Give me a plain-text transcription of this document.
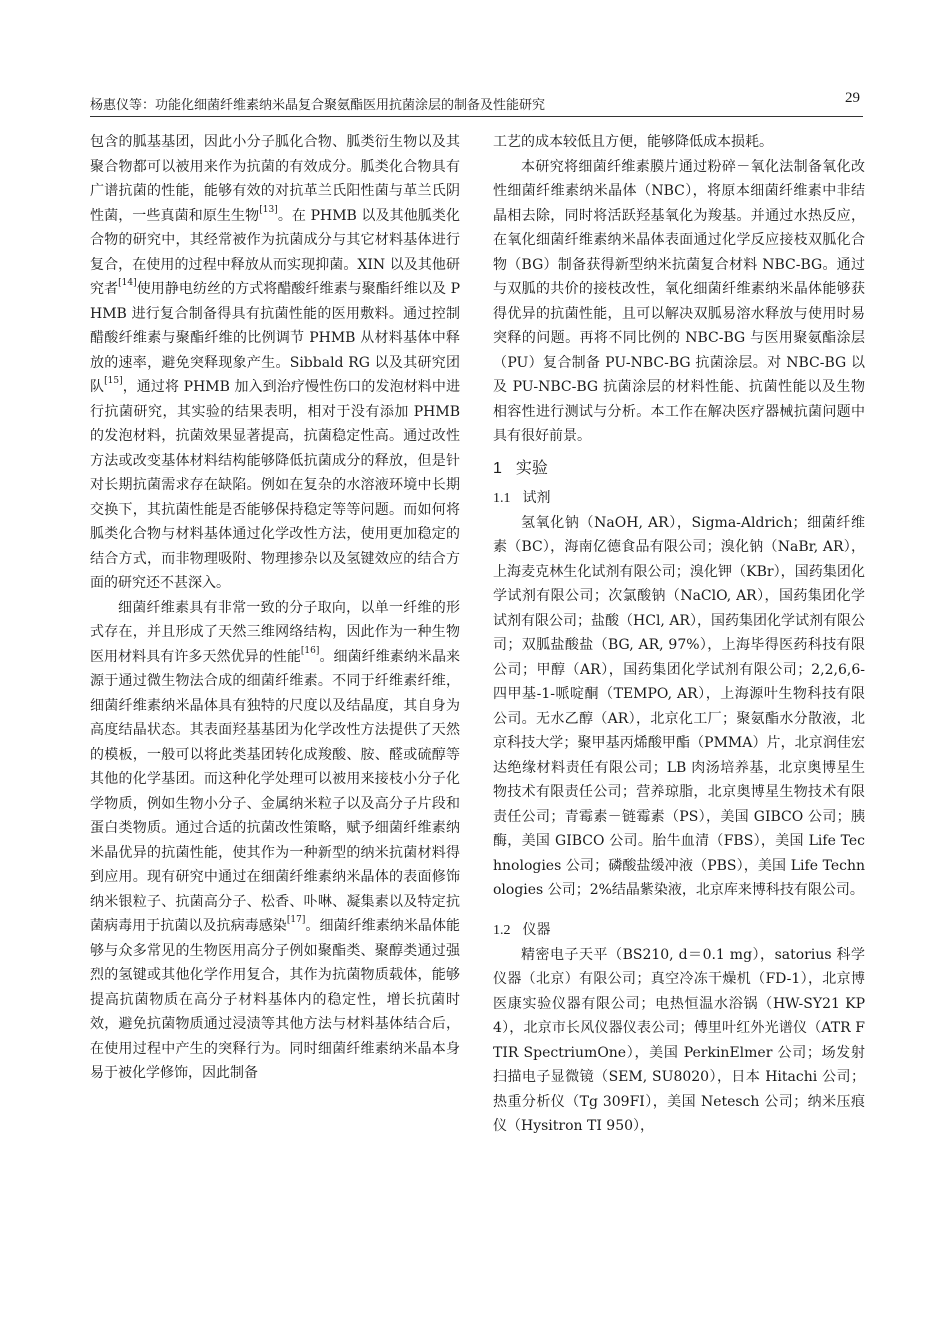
杨惠仪等：功能化细菌纤维素纳米晶复合聚氨酯医用抗菌涂层的制备及性能研究	29

包含的胍基基团，因此小分子胍化合物、胍类衍生物以及其聚合物都可以被用来作为抗菌的有效成分。胍类化合物具有广谱抗菌的性能，能够有效的对抗革兰氏阳性菌与革兰氏阴性菌，一些真菌和原生生物[13]。在 PHMB 以及其他胍类化合物的研究中，其经常被作为抗菌成分与其它材料基体进行复合，在使用的过程中释放从而实现抑菌。XIN 以及其他研究者[14]使用静电纺丝的方式将醋酸纤维素与聚酯纤维以及 PHMB 进行复合制备得具有抗菌性能的医用敷料。通过控制醋酸纤维素与聚酯纤维的比例调节 PHMB 从材料基体中释放的速率，避免突释现象产生。Sibbald RG 以及其研究团队[15]，通过将 PHMB 加入到治疗慢性伤口的发泡材料中进行抗菌研究，其实验的结果表明，相对于没有添加 PHMB 的发泡材料，抗菌效果显著提高，抗菌稳定性高。通过改性方法或改变基体材料结构能够降低抗菌成分的释放，但是针对长期抗菌需求存在缺陷。例如在复杂的水溶液环境中长期交换下，其抗菌性能是否能够保持稳定等等问题。而如何将胍类化合物与材料基体通过化学改性方法，使用更加稳定的结合方式，而非物理吸附、物理掺杂以及氢键效应的结合方面的研究还不甚深入。

细菌纤维素具有非常一致的分子取向，以单一纤维的形式存在，并且形成了天然三维网络结构，因此作为一种生物医用材料具有许多天然优异的性能[16]。细菌纤维素纳米晶来源于通过微生物法合成的细菌纤维素。不同于纤维素纤维，细菌纤维素纳米晶体具有独特的尺度以及结晶度，其自身为高度结晶状态。其表面羟基基团为化学改性方法提供了天然的模板，一般可以将此类基团转化成羧酸、胺、醛或硫醇等其他的化学基团。而这种化学处理可以被用来接枝小分子化学物质，例如生物小分子、金属纳米粒子以及高分子片段和蛋白类物质。通过合适的抗菌改性策略，赋予细菌纤维素纳米晶优异的抗菌性能，使其作为一种新型的纳米抗菌材料得到应用。现有研究中通过在细菌纤维素纳米晶体的表面修饰纳米银粒子、抗菌高分子、松香、卟啉、凝集素以及特定抗菌病毒用于抗菌以及抗病毒感染[17]。细菌纤维素纳米晶体能够与众多常见的生物医用高分子例如聚酯类、聚醇类通过强烈的氢键或其他化学作用复合，其作为抗菌物质载体，能够提高抗菌物质在高分子材料基体内的稳定性，增长抗菌时效，避免抗菌物质通过浸渍等其他方法与材料基体结合后，在使用过程中产生的突释行为。同时细菌纤维素纳米晶本身易于被化学修饰，因此制备

工艺的成本较低且方便，能够降低成本损耗。

本研究将细菌纤维素膜片通过粉碎－氧化法制备氧化改性细菌纤维素纳米晶体（NBC），将原本细菌纤维素中非结晶相去除，同时将活跃羟基氧化为羧基。并通过水热反应，在氧化细菌纤维素纳米晶体表面通过化学反应接枝双胍化合物（BG）制备获得新型纳米抗菌复合材料 NBC-BG。通过与双胍的共价的接枝改性，氧化细菌纤维素纳米晶体能够获得优异的抗菌性能，且可以解决双胍易溶水释放与使用时易突释的问题。再将不同比例的 NBC-BG 与医用聚氨酯涂层（PU）复合制备 PU-NBC-BG 抗菌涂层。对 NBC-BG 以及 PU-NBC-BG 抗菌涂层的材料性能、抗菌性能以及生物相容性进行测试与分析。本工作在解决医疗器械抗菌问题中具有很好前景。

1 实验
1.1 试剂

氢氧化钠（NaOH, AR），Sigma-Aldrich；细菌纤维素（BC），海南亿德食品有限公司；溴化钠（NaBr, AR），上海麦克林生化试剂有限公司；溴化钾（KBr），国药集团化学试剂有限公司；次氯酸钠（NaClO, AR），国药集团化学试剂有限公司；盐酸（HCl, AR），国药集团化学试剂有限公司；双胍盐酸盐（BG, AR, 97%），上海毕得医药科技有限公司；甲醇（AR），国药集团化学试剂有限公司；2,2,6,6-四甲基-1-哌啶酮（TEMPO, AR），上海源叶生物科技有限公司。无水乙醇（AR），北京化工厂；聚氨酯水分散液，北京科技大学；聚甲基丙烯酸甲酯（PMMA）片，北京润佳宏达绝缘材料责任有限公司；LB 肉汤培养基，北京奥博星生物技术有限责任公司；营养琼脂，北京奥博星生物技术有限责任公司；青霉素－链霉素（PS），美国 GIBCO 公司；胰酶，美国 GIBCO 公司。胎牛血清（FBS），美国 Life Technologies 公司；磷酸盐缓冲液（PBS），美国 Life Technologies 公司；2%结晶紫染液，北京库来博科技有限公司。

1.2 仪器

精密电子天平（BS210, d＝0.1 mg），satorius 科学仪器（北京）有限公司；真空冷冻干燥机（FD-1），北京博医康实验仪器有限公司；电热恒温水浴锅（HW-SY21 KP4），北京市长风仪器仪表公司；傅里叶红外光谱仪（ATR FTIR SpectriumOne），美国 PerkinElmer 公司；场发射扫描电子显微镜（SEM, SU8020），日本 Hitachi 公司；热重分析仪（Tg 309FI），美国 Netesch 公司；纳米压痕仪（Hysitron TI 950），
